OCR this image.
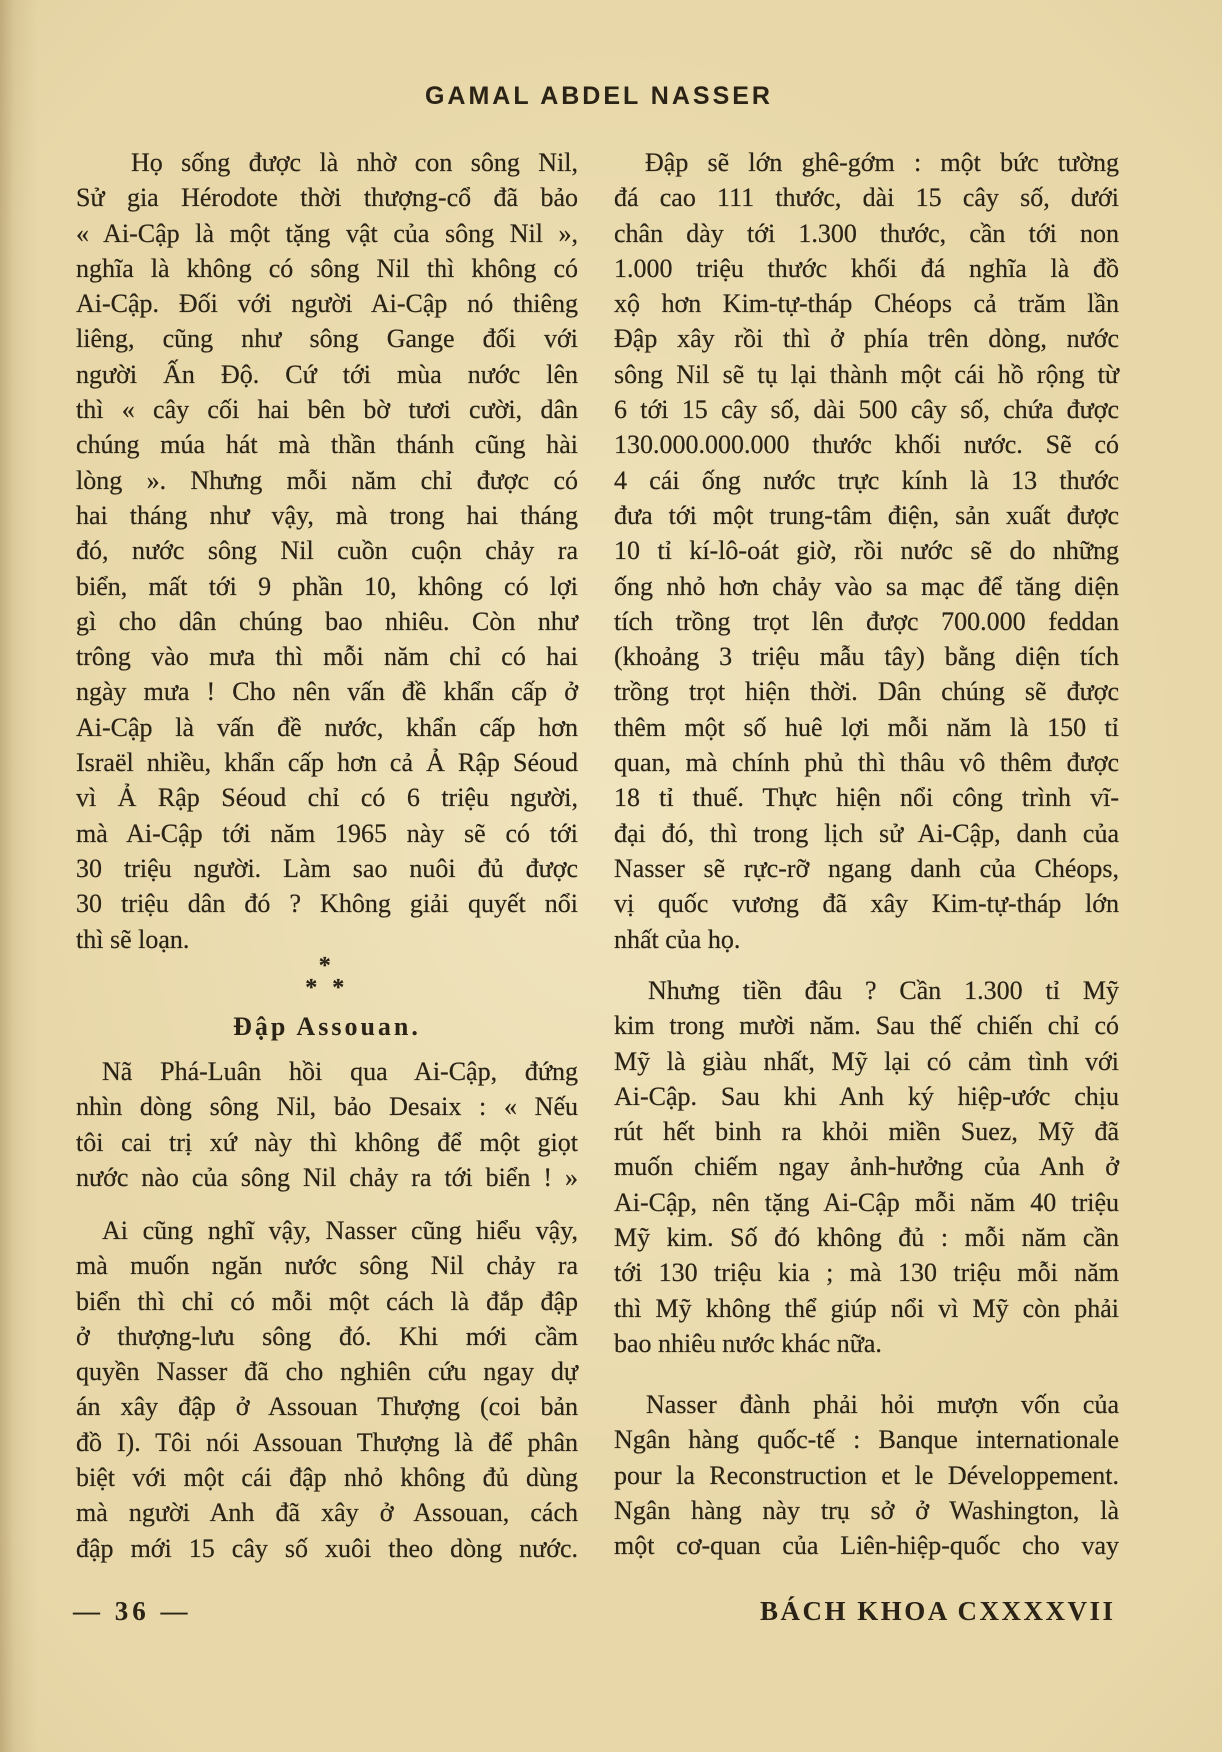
GAMAL ABDEL NASSER
Họ sống được là nhờ con sông Nil,
Sử gia Hérodote thời thượng-cổ đã bảo
« Ai-Cập là một tặng vật của sông Nil »,
nghĩa là không có sông Nil thì không có
Ai-Cập. Đối với người Ai-Cập nó thiêng
liêng, cũng như sông Gange đối với
người Ấn Độ. Cứ tới mùa nước lên
thì « cây cối hai bên bờ tươi cười, dân
chúng múa hát mà thần thánh cũng hài
lòng ». Nhưng mỗi năm chỉ được có
hai tháng như vậy, mà trong hai tháng
đó, nước sông Nil cuồn cuộn chảy ra
biển, mất tới 9 phần 10, không có lợi
gì cho dân chúng bao nhiêu. Còn như
trông vào mưa thì mỗi năm chỉ có hai
ngày mưa ! Cho nên vấn đề khẩn cấp ở
Ai-Cập là vấn đề nước, khẩn cấp hơn
Israël nhiều, khẩn cấp hơn cả Ả Rập Séoud
vì Ả Rập Séoud chỉ có 6 triệu người,
mà Ai-Cập tới năm 1965 này sẽ có tới
30 triệu người. Làm sao nuôi đủ được
30 triệu dân đó ? Không giải quyết nổi
thì sẽ loạn.
*
* *
Đập Assouan.
Nã Phá-Luân hồi qua Ai-Cập, đứng
nhìn dòng sông Nil, bảo Desaix : « Nếu
tôi cai trị xứ này thì không để một giọt
nước nào của sông Nil chảy ra tới biển ! »
Ai cũng nghĩ vậy, Nasser cũng hiểu vậy,
mà muốn ngăn nước sông Nil chảy ra
biển thì chỉ có mỗi một cách là đắp đập
ở thượng-lưu sông đó. Khi mới cầm
quyền Nasser đã cho nghiên cứu ngay dự
án xây đập ở Assouan Thượng (coi bản
đồ I). Tôi nói Assouan Thượng là để phân
biệt với một cái đập nhỏ không đủ dùng
mà người Anh đã xây ở Assouan, cách
đập mới 15 cây số xuôi theo dòng nước.
Đập sẽ lớn ghê-gớm : một bức tường
đá cao 111 thước, dài 15 cây số, dưới
chân dày tới 1.300 thước, cần tới non
1.000 triệu thước khối đá nghĩa là đồ
xộ hơn Kim-tự-tháp Chéops cả trăm lần
Đập xây rồi thì ở phía trên dòng, nước
sông Nil sẽ tụ lại thành một cái hồ rộng từ
6 tới 15 cây số, dài 500 cây số, chứa được
130.000.000.000 thước khối nước. Sẽ có
4 cái ống nước trực kính là 13 thước
đưa tới một trung-tâm điện, sản xuất được
10 tỉ kí-lô-oát giờ, rồi nước sẽ do những
ống nhỏ hơn chảy vào sa mạc để tăng diện
tích trồng trọt lên được 700.000 feddan
(khoảng 3 triệu mẫu tây) bằng diện tích
trồng trọt hiện thời. Dân chúng sẽ được
thêm một số huê lợi mỗi năm là 150 tỉ
quan, mà chính phủ thì thâu vô thêm được
18 tỉ thuế. Thực hiện nổi công trình vĩ-
đại đó, thì trong lịch sử Ai-Cập, danh của
Nasser sẽ rực-rỡ ngang danh của Chéops,
vị quốc vương đã xây Kim-tự-tháp lớn
nhất của họ.
Nhưng tiền đâu ? Cần 1.300 tỉ Mỹ
kim trong mười năm. Sau thế chiến chỉ có
Mỹ là giàu nhất, Mỹ lại có cảm tình với
Ai-Cập. Sau khi Anh ký hiệp-ước chịu
rút hết binh ra khỏi miền Suez, Mỹ đã
muốn chiếm ngay ảnh-hưởng của Anh ở
Ai-Cập, nên tặng Ai-Cập mỗi năm 40 triệu
Mỹ kim. Số đó không đủ : mỗi năm cần
tới 130 triệu kia ; mà 130 triệu mỗi năm
thì Mỹ không thể giúp nổi vì Mỹ còn phải
bao nhiêu nước khác nữa.
Nasser đành phải hỏi mượn vốn của
Ngân hàng quốc-tế : Banque internationale
pour la Reconstruction et le Développement.
Ngân hàng này trụ sở ở Washington, là
một cơ-quan của Liên-hiệp-quốc cho vay
— 36 —	BÁCH KHOA CXXXXVII
